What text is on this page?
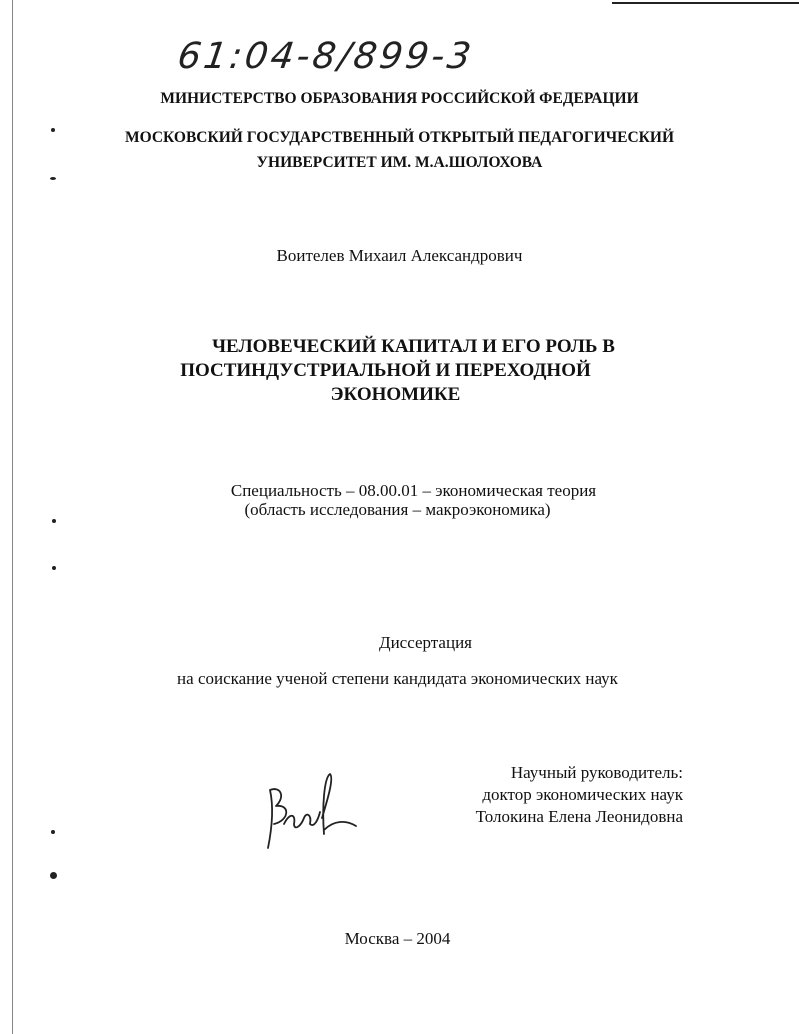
61:04-8/899-3
МИНИСТЕРСТВО ОБРАЗОВАНИЯ РОССИЙСКОЙ ФЕДЕРАЦИИ
МОСКОВСКИЙ ГОСУДАРСТВЕННЫЙ ОТКРЫТЫЙ ПЕДАГОГИЧЕСКИЙ
УНИВЕРСИТЕТ ИМ. М.А.ШОЛОХОВА
Воителев Михаил Александрович
ЧЕЛОВЕЧЕСКИЙ КАПИТАЛ И ЕГО РОЛЬ В
ПОСТИНДУСТРИАЛЬНОЙ И ПЕРЕХОДНОЙ
ЭКОНОМИКЕ
Специальность – 08.00.01 – экономическая теория
(область исследования – макроэкономика)
Диссертация
на соискание ученой степени кандидата экономических наук
Научный руководитель:
доктор экономических наук
Толокина Елена Леонидовна
Москва – 2004
